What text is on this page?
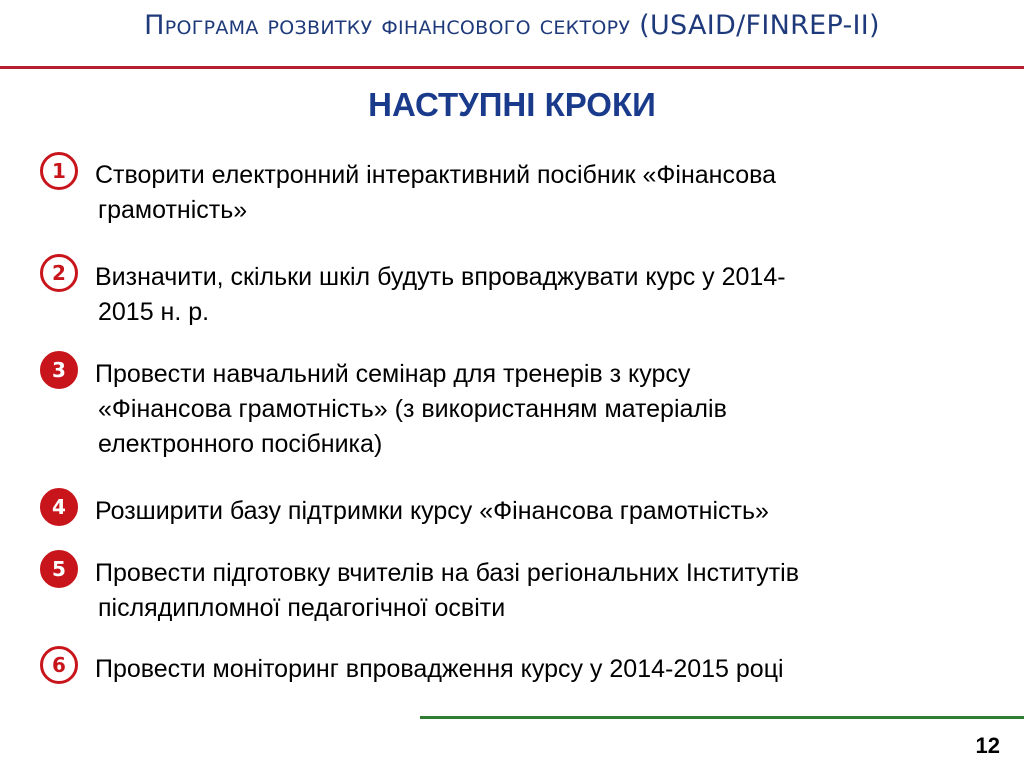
Програма розвитку фінансового сектору (USAID/FINREP-II)
НАСТУПНІ КРОКИ
1	Створити електронний інтерактивний посібник «Фінансова
грамотність»
2	Визначити, скільки шкіл будуть впроваджувати курс у 2014-
2015 н. р.
3	Провести навчальний семінар для тренерів з курсу
«Фінансова грамотність» (з використанням матеріалів
електронного посібника)
4	Розширити базу підтримки курсу «Фінансова грамотність»
5	Провести підготовку вчителів на базі регіональних Інститутів
післядипломної педагогічної освіти
6	Провести моніторинг впровадження курсу у 2014-2015 році
12
